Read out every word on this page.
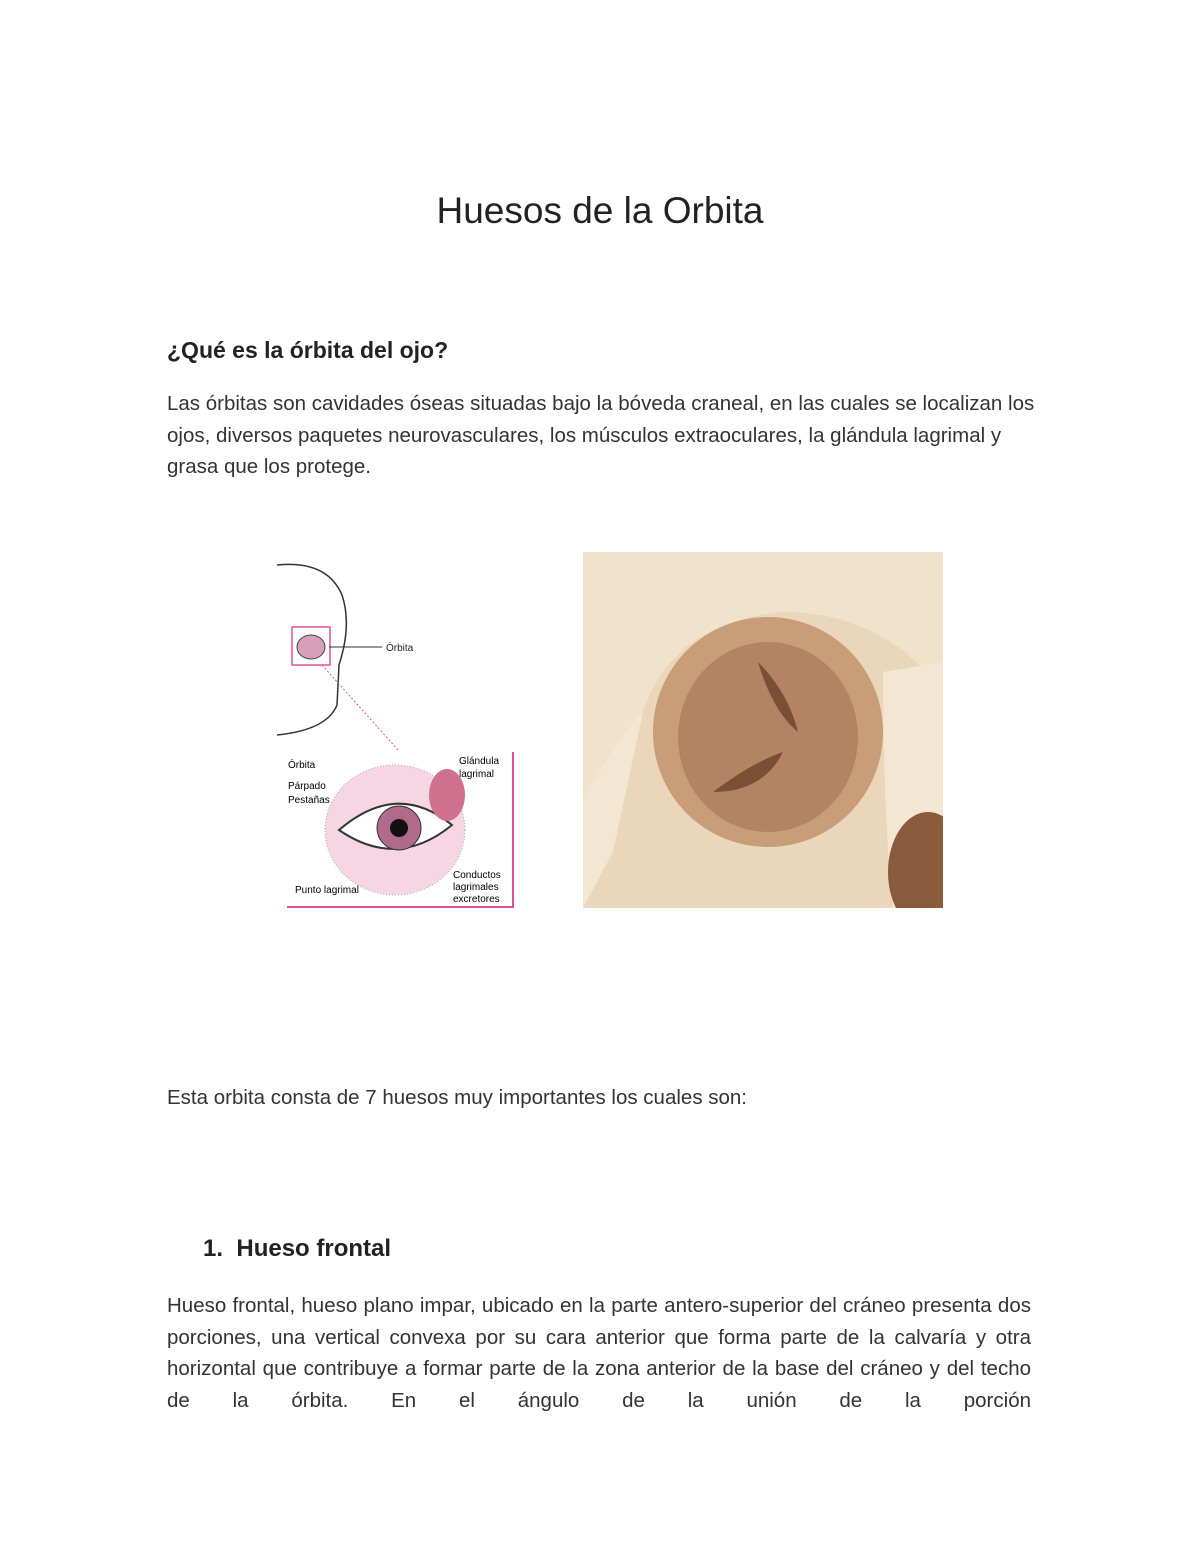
Huesos de la Orbita
¿Qué es la órbita del ojo?
Las órbitas son cavidades óseas situadas bajo la bóveda craneal, en las cuales se localizan los ojos, diversos paquetes neurovasculares, los músculos extraoculares, la glándula lagrimal y grasa que los protege.
Órbita
Órbita
Párpado
Pestañas
Glándula
lagrimal
Punto lagrimal
Conductos
lagrimales
excretores
Esta orbita consta de 7 huesos muy importantes los cuales son:
1. Hueso frontal
Hueso frontal, hueso plano impar, ubicado en la parte antero-superior del cráneo presenta dos porciones, una vertical convexa por su cara anterior que forma parte de la calvaría y otra horizontal que contribuye a formar parte de la zona anterior de la base del cráneo y del techo de la órbita. En el ángulo de la unión de la porción
